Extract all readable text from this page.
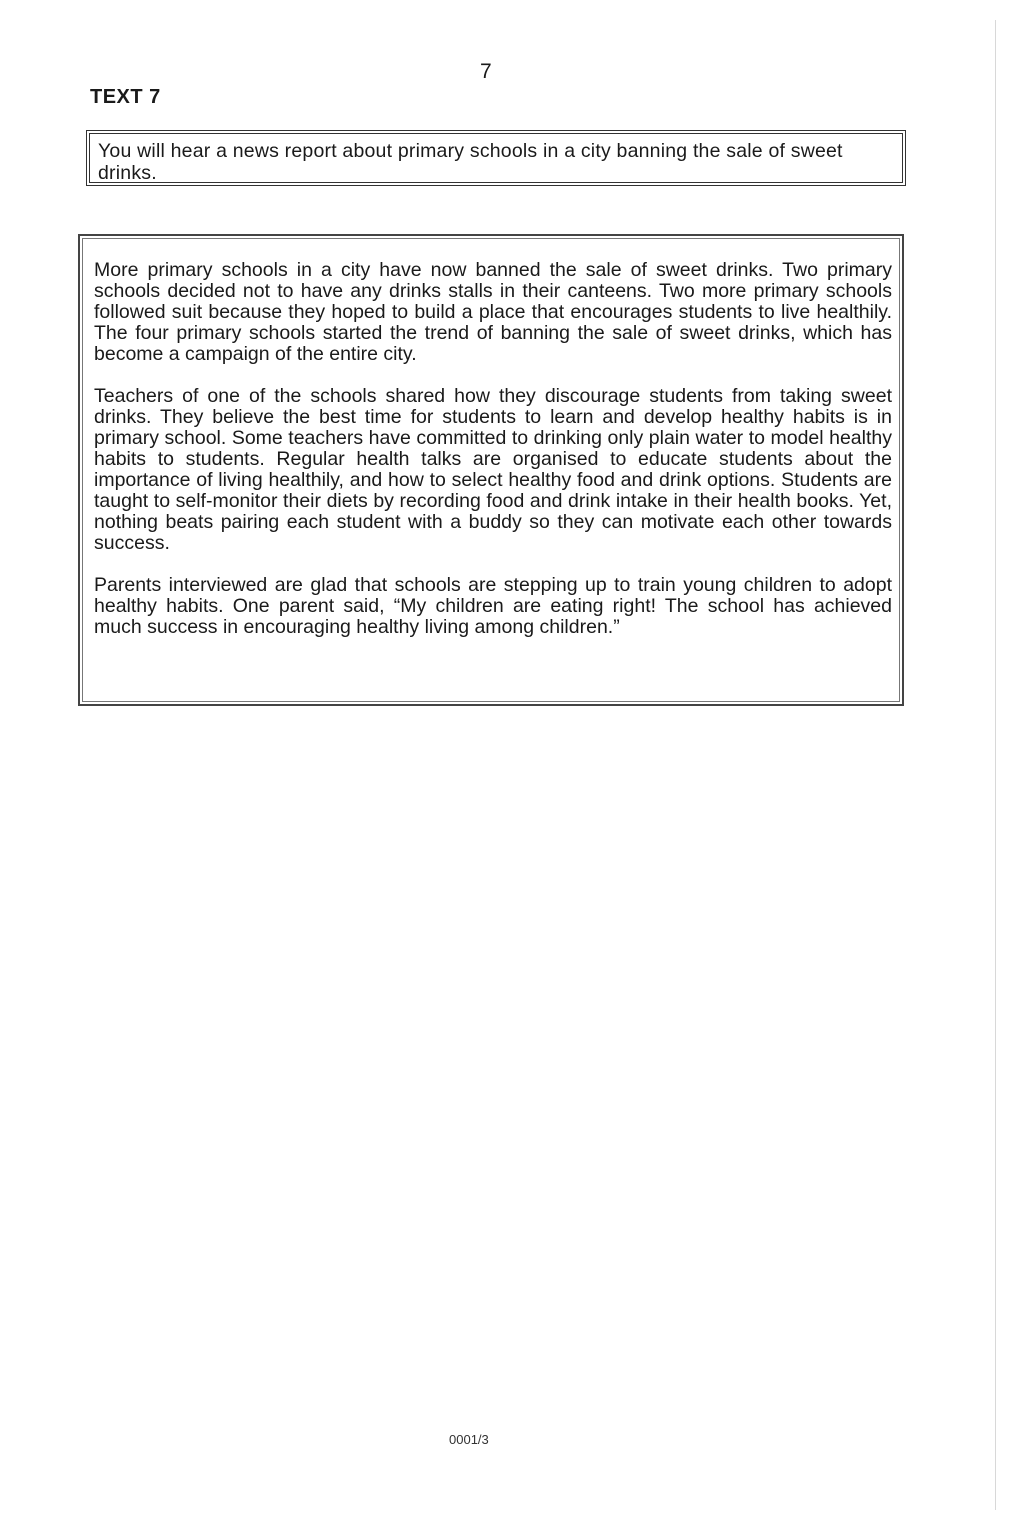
7
TEXT 7
You will hear a news report about primary schools in a city banning the sale of sweet drinks.

More primary schools in a city have now banned the sale of sweet drinks. Two primary schools decided not to have any drinks stalls in their canteens. Two more primary schools followed suit because they hoped to build a place that encourages students to live healthily. The four primary schools started the trend of banning the sale of sweet drinks, which has become a campaign of the entire city.

Teachers of one of the schools shared how they discourage students from taking sweet drinks. They believe the best time for students to learn and develop healthy habits is in primary school. Some teachers have committed to drinking only plain water to model healthy habits to students. Regular health talks are organised to educate students about the importance of living healthily, and how to select healthy food and drink options. Students are taught to self-monitor their diets by recording food and drink intake in their health books. Yet, nothing beats pairing each student with a buddy so they can motivate each other towards success.

Parents interviewed are glad that schools are stepping up to train young children to adopt healthy habits. One parent said, “My children are eating right! The school has achieved much success in encouraging healthy living among children.”

0001/3
